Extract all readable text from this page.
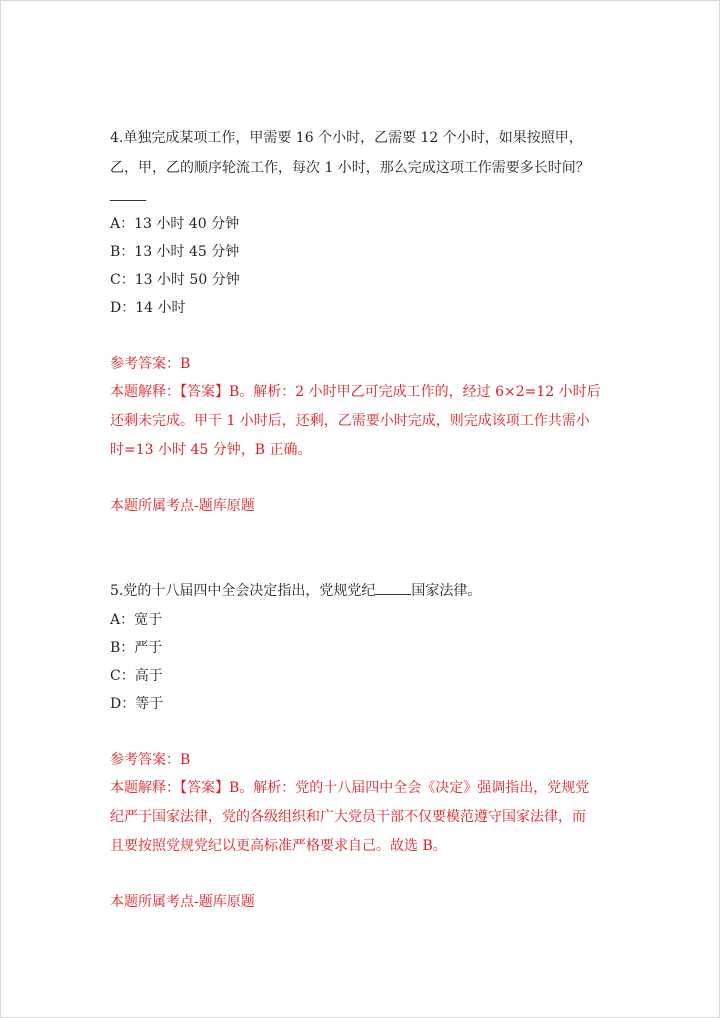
4.单独完成某项工作，甲需要 16 个小时，乙需要 12 个小时，如果按照甲，
乙，甲，乙的顺序轮流工作，每次 1 小时，那么完成这项工作需要多长时间？
A：13 小时 40 分钟
B：13 小时 45 分钟
C：13 小时 50 分钟
D：14 小时
参考答案：B
本题解释：【答案】B。解析：2 小时甲乙可完成工作的，经过 6×2=12 小时后
还剩未完成。甲干 1 小时后，还剩，乙需要小时完成，则完成该项工作共需小
时=13 小时 45 分钟，B 正确。
本题所属考点-题库原题
5.党的十八届四中全会决定指出，党规党纪	国家法律。
A：宽于
B：严于
C：高于
D：等于
参考答案：B
本题解释：【答案】B。解析：党的十八届四中全会《决定》强调指出，党规党
纪严于国家法律，党的各级组织和广大党员干部不仅要模范遵守国家法律，而
且要按照党规党纪以更高标准严格要求自己。故选 B。
本题所属考点-题库原题
